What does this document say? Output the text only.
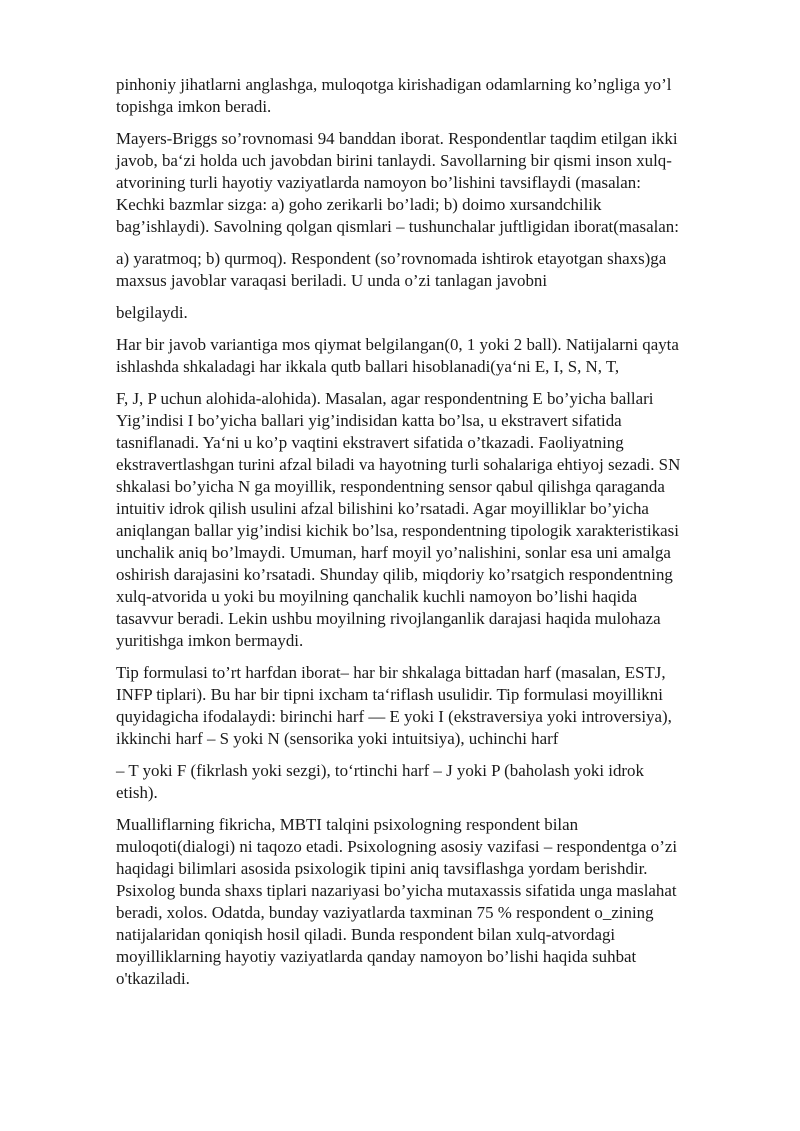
pinhoniy jihatlarni anglashga, muloqotga kirishadigan odamlarning ko’ngliga yo’l
topishga imkon beradi.
Mayers-Briggs so’rovnomasi 94 banddan iborat. Respondentlar taqdim etilgan ikki
javob, ba‘zi holda uch javobdan birini tanlaydi. Savollarning bir qismi inson xulq-
atvorining turli hayotiy vaziyatlarda namoyon bo’lishini tavsiflaydi (masalan:
Kechki bazmlar sizga: a) goho zerikarli bo’ladi; b) doimo xursandchilik
bag’ishlaydi). Savolning qolgan qismlari – tushunchalar juftligidan iborat(masalan:
a) yaratmoq; b) qurmoq). Respondent (so’rovnomada ishtirok etayotgan shaxs)ga
maxsus javoblar varaqasi beriladi. U unda o’zi tanlagan javobni
belgilaydi.
Har bir javob variantiga mos qiymat belgilangan(0, 1 yoki 2 ball). Natijalarni qayta
ishlashda shkaladagi har ikkala qutb ballari hisoblanadi(ya‘ni E, I, S, N, T,
F, J, P uchun alohida-alohida). Masalan, agar respondentning E bo’yicha ballari
Yig’indisi I bo’yicha ballari yig’indisidan katta bo’lsa, u ekstravert sifatida
tasniflanadi. Ya‘ni u ko’p vaqtini ekstravert sifatida o’tkazadi. Faoliyatning
ekstravertlashgan turini afzal biladi va hayotning turli sohalariga ehtiyoj sezadi. SN
shkalasi bo’yicha N ga moyillik, respondentning sensor qabul qilishga qaraganda
intuitiv idrok qilish usulini afzal bilishini ko’rsatadi. Agar moyilliklar bo’yicha
aniqlangan ballar yig’indisi kichik bo’lsa, respondentning tipologik xarakteristikasi
unchalik aniq bo’lmaydi. Umuman, harf moyil yo’nalishini, sonlar esa uni amalga
oshirish darajasini ko’rsatadi. Shunday qilib, miqdoriy ko’rsatgich respondentning
xulq-atvorida u yoki bu moyilning qanchalik kuchli namoyon bo’lishi haqida
tasavvur beradi. Lekin ushbu moyilning rivojlanganlik darajasi haqida mulohaza
yuritishga imkon bermaydi.
Tip formulasi to’rt harfdan iborat– har bir shkalaga bittadan harf (masalan, ESTJ,
INFP tiplari). Bu har bir tipni ixcham ta‘riflash usulidir. Tip formulasi moyillikni
quyidagicha ifodalaydi: birinchi harf — E yoki I (ekstraversiya yoki introversiya),
ikkinchi harf – S yoki N (sensorika yoki intuitsiya), uchinchi harf
– T yoki F (fikrlash yoki sezgi), to‘rtinchi harf – J yoki P (baholash yoki idrok
etish).
Mualliflarning fikricha, MBTI talqini psixologning respondent bilan
muloqoti(dialogi) ni taqozo etadi. Psixologning asosiy vazifasi – respondentga o’zi
haqidagi bilimlari asosida psixologik tipini aniq tavsiflashga yordam berishdir.
Psixolog bunda shaxs tiplari nazariyasi bo’yicha mutaxassis sifatida unga maslahat
beradi, xolos. Odatda, bunday vaziyatlarda taxminan 75 % respondent o_zining
natijalaridan qoniqish hosil qiladi. Bunda respondent bilan xulq-atvordagi
moyilliklarning hayotiy vaziyatlarda qanday namoyon bo’lishi haqida suhbat
o'tkaziladi.
